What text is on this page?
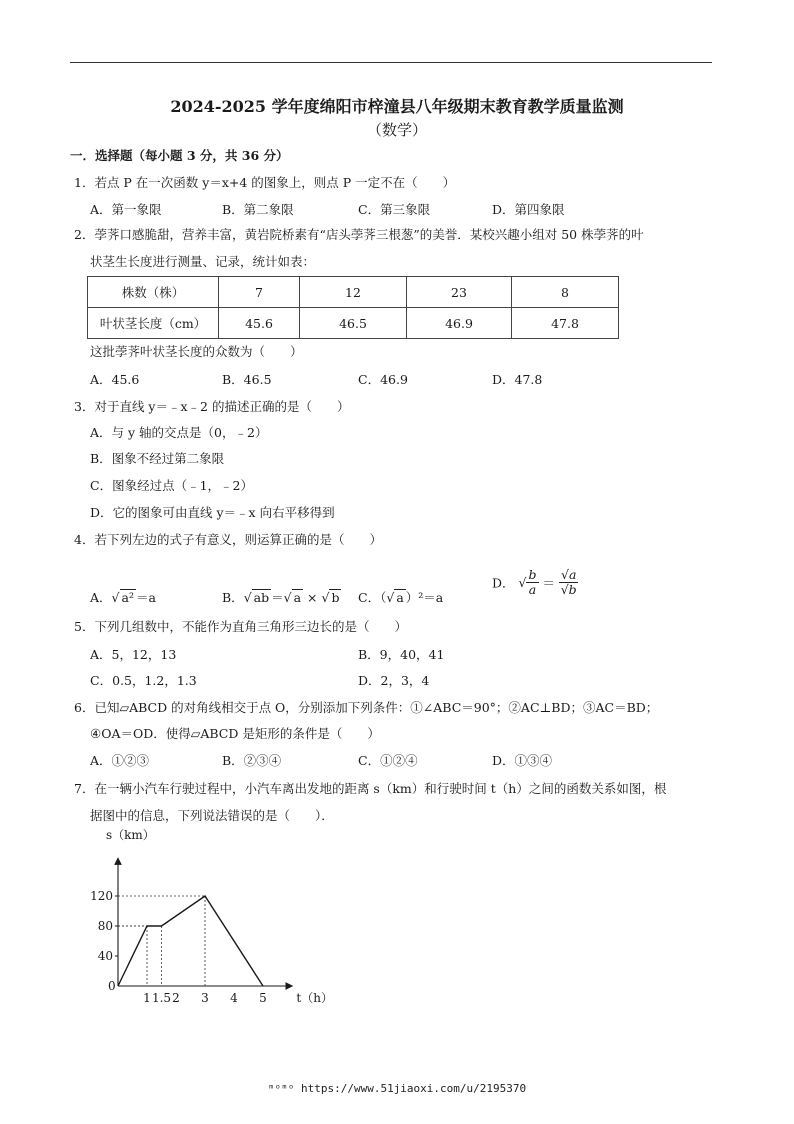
2024-2025 学年度绵阳市梓潼县八年级期末教育教学质量监测
（数学）
一．选择题（每小题 3 分，共 36 分）
1．若点 P 在一次函数 y＝x+4 的图象上，则点 P 一定不在（　　）
A．第一象限	B．第二象限	C．第三象限	D．第四象限
2．荸荠口感脆甜，营养丰富，黄岩院桥素有“店头荸荠三根葱”的美誉．某校兴趣小组对 50 株荸荠的叶
状茎生长度进行测量、记录，统计如表：
株数（株）	7	12	23	8
叶状茎长度（cm）	45.6	46.5	46.9	47.8
这批荸荠叶状茎长度的众数为（　　）
A．45.6	B．46.5	C．46.9	D．47.8
3．对于直线 y＝﹣x﹣2 的描述正确的是（　　）
A．与 y 轴的交点是（0，﹣2）
B．图象不经过第二象限
C．图象经过点（﹣1，﹣2）
D．它的图象可由直线 y＝﹣x 向右平移得到
4．若下列左边的式子有意义，则运算正确的是（　　）
A．√ a² ＝a	B．√ ab ＝√ a × √ b C．（√ a ）²＝a
D． √ $\frac{b}{a} = \frac{√a}{√b}$
5．下列几组数中，不能作为直角三角形三边长的是（　　）
A．5，12，13	B．9，40，41
C．0.5，1.2，1.3	D．2，3，4
6．已知▱ABCD 的对角线相交于点 O，分别添加下列条件：①∠ABC＝90°；②AC⊥BD；③AC＝BD；
④OA＝OD．使得▱ABCD 是矩形的条件是（　　）
A．①②③	B．②③④	C．①②④	D．①③④
7．在一辆小汽车行驶过程中，小汽车离出发地的距离 s（km）和行驶时间 t（h）之间的函数关系如图，根
据图中的信息，下列说法错误的是（　　）．
0
1 1.5 2 3 4 5
40
80
120
s（km）
t（h）
ᵐᵒᵐᵒ https://www.51jiaoxi.com/u/2195370
